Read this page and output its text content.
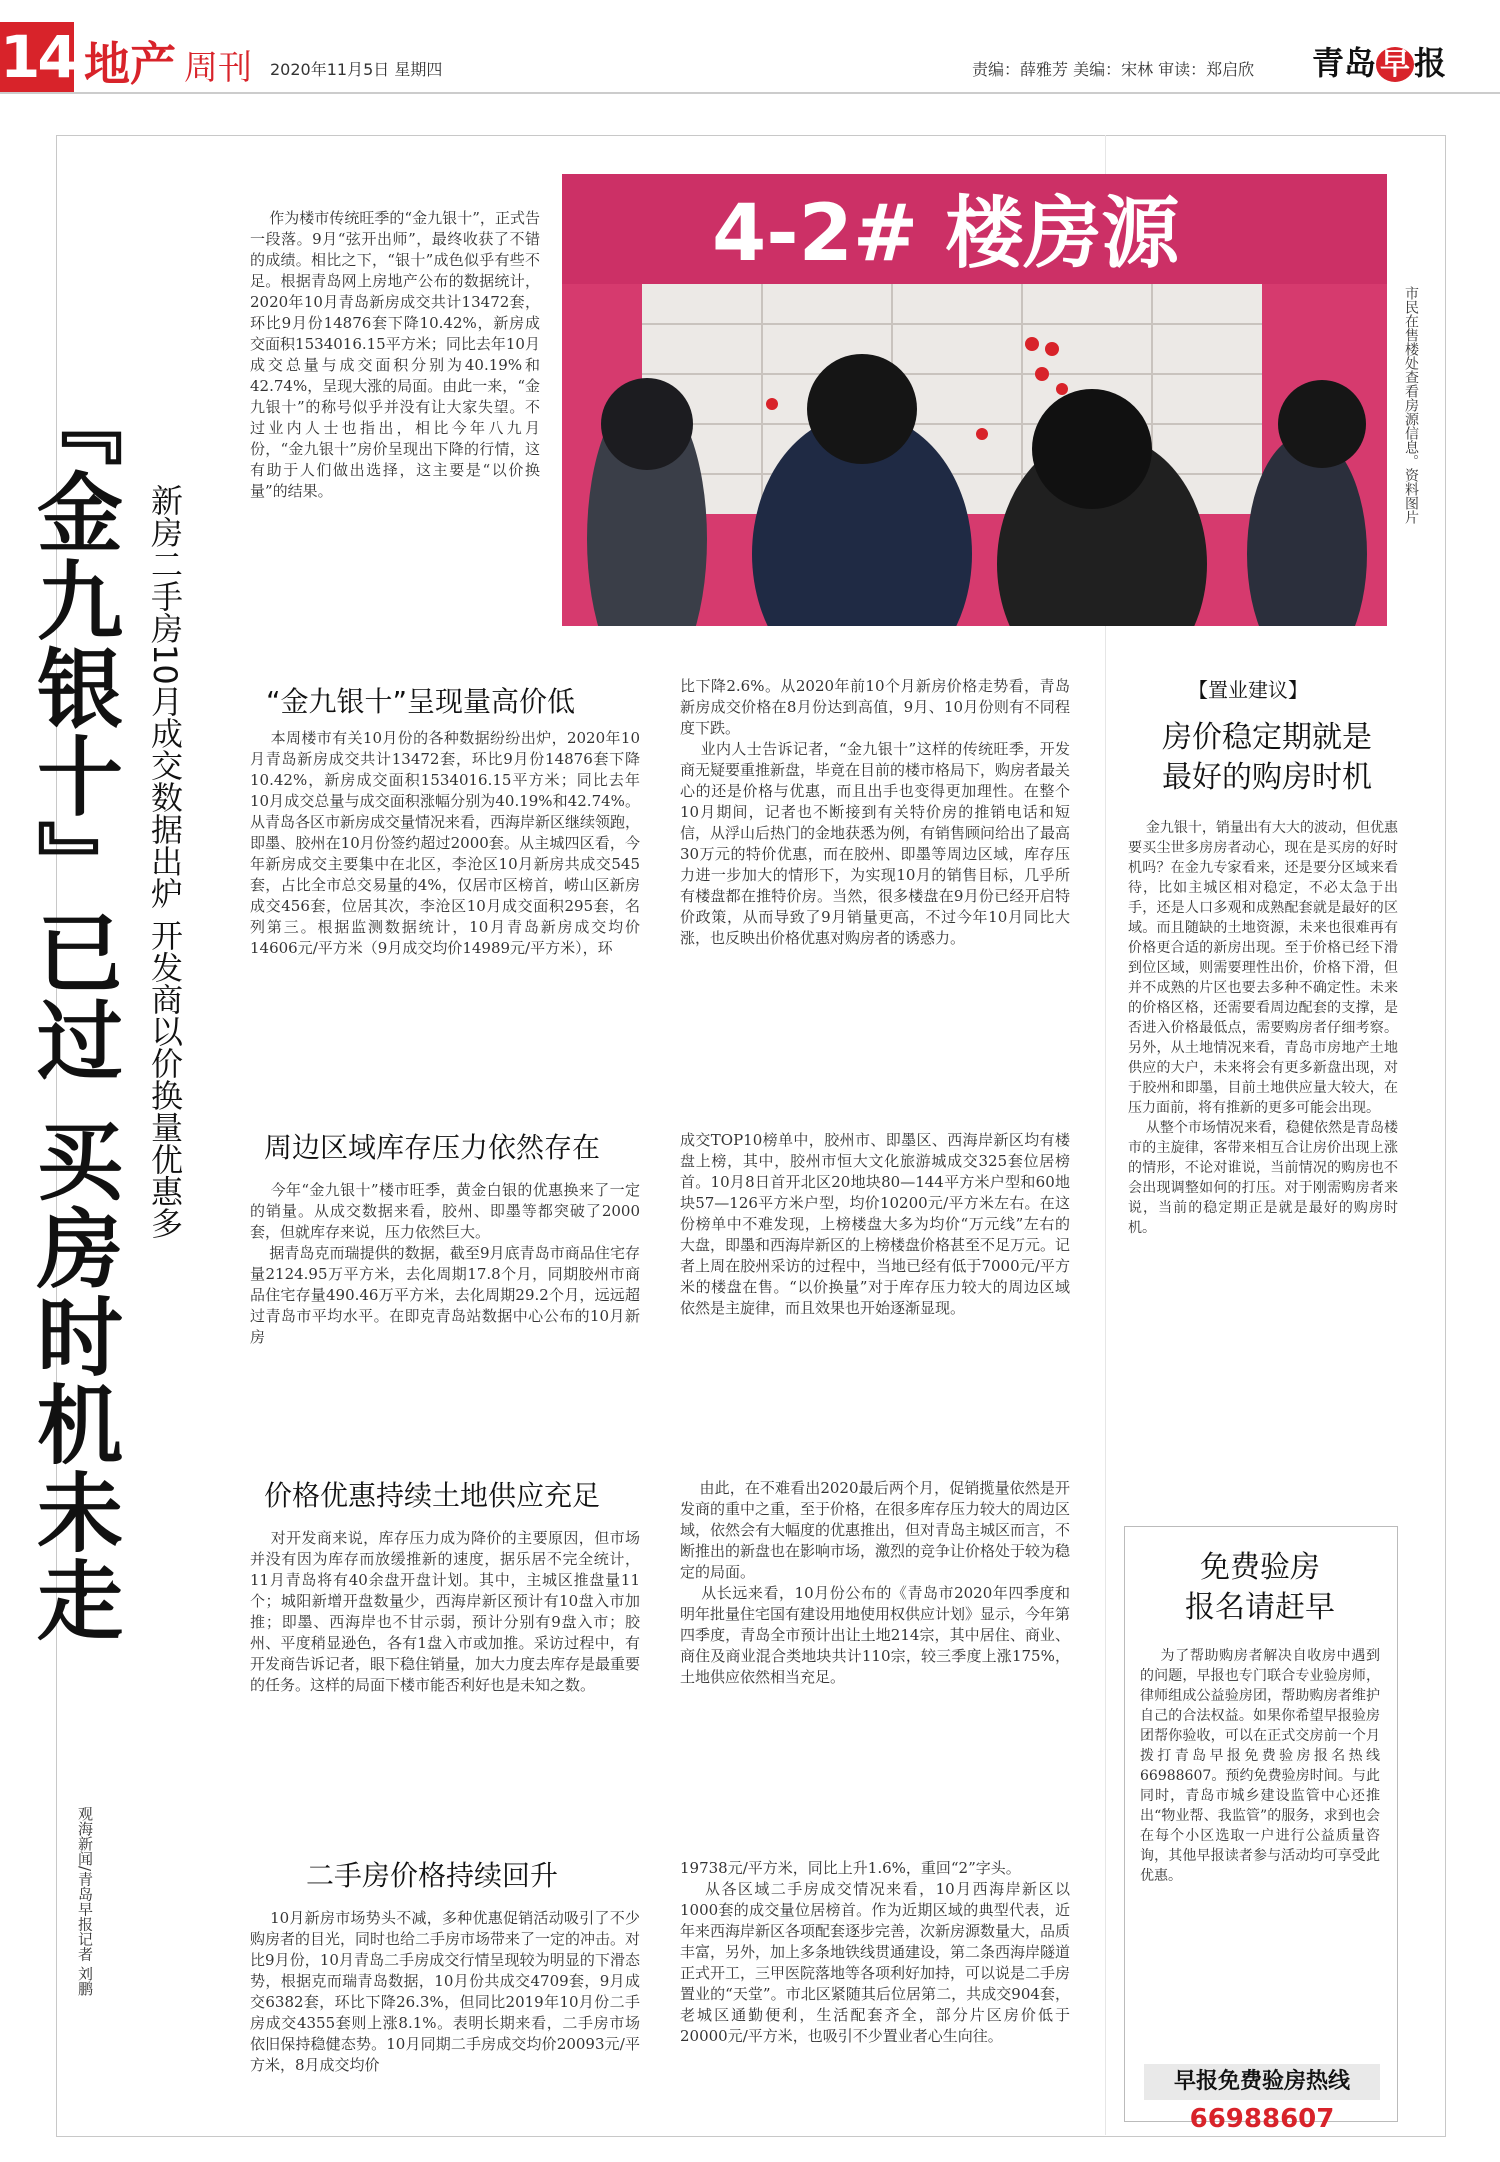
14 地产 周刊 2020年11月5日 星期四	责编：薛雅芳 美编：宋林 审读：郑启欣 青岛 早 报
『金九银十』已过 买房时机未走 新房二手房10月成交数据出炉 开发商以价换量优惠多
观海新闻/青岛早报记者 刘鹏
市民在售楼处查看房源信息。资料图片
作为楼市传统旺季的“金九银十”，正式告一段落。9月“弦开出师”，最终收获了不错的成绩。相比之下，“银十”成色似乎有些不足。根据青岛网上房地产公布的数据统计，2020年10月青岛新房成交共计13472套，环比9月份14876套下降10.42%，新房成交面积1534016.15平方米；同比去年10月成交总量与成交面积分别为40.19%和42.74%，呈现大涨的局面。由此一来，“金九银十”的称号似乎并没有让大家失望。不过业内人士也指出，相比今年八九月份，“金九银十”房价呈现出下降的行情，这有助于人们做出选择，这主要是“以价换量”的结果。
4-2# 楼房源
“金九银十”呈现量高价低
本周楼市有关10月份的各种数据纷纷出炉，2020年10月青岛新房成交共计13472套，环比9月份14876套下降10.42%，新房成交面积1534016.15平方米；同比去年10月成交总量与成交面积涨幅分别为40.19%和42.74%。从青岛各区市新房成交量情况来看，西海岸新区继续领跑，即墨、胶州在10月份签约超过2000套。从主城四区看，今年新房成交主要集中在北区，李沧区10月新房共成交545套，占比全市总交易量的4%，仅居市区榜首，崂山区新房成交456套，位居其次，李沧区10月成交面积295套，名列第三。根据监测数据统计，10月青岛新房成交均价14606元/平方米（9月成交均价14989元/平方米），环
比下降2.6%。从2020年前10个月新房价格走势看，青岛新房成交价格在8月份达到高值，9月、10月份则有不同程度下跌。
业内人士告诉记者，“金九银十”这样的传统旺季，开发商无疑要重推新盘，毕竟在目前的楼市格局下，购房者最关心的还是价格与优惠，而且出手也变得更加理性。在整个10月期间，记者也不断接到有关特价房的推销电话和短信，从浮山后热门的金地获悉为例，有销售顾问给出了最高30万元的特价优惠，而在胶州、即墨等周边区域，库存压力进一步加大的情形下，为实现10月的销售目标，几乎所有楼盘都在推特价房。当然，很多楼盘在9月份已经开启特价政策，从而导致了9月销量更高，不过今年10月同比大涨，也反映出价格优惠对购房者的诱惑力。
周边区域库存压力依然存在
今年“金九银十”楼市旺季，黄金白银的优惠换来了一定的销量。从成交数据来看，胶州、即墨等都突破了2000套，但就库存来说，压力依然巨大。
据青岛克而瑞提供的数据，截至9月底青岛市商品住宅存量2124.95万平方米，去化周期17.8个月，同期胶州市商品住宅存量490.46万平方米，去化周期29.2个月，远远超过青岛市平均水平。在即克青岛站数据中心公布的10月新房
成交TOP10榜单中，胶州市、即墨区、西海岸新区均有楼盘上榜，其中，胶州市恒大文化旅游城成交325套位居榜首。10月8日首开北区20地块80—144平方米户型和60地块57—126平方米户型，均价10200元/平方米左右。在这份榜单中不难发现，上榜楼盘大多为均价“万元线”左右的大盘，即墨和西海岸新区的上榜楼盘价格甚至不足万元。记者上周在胶州采访的过程中，当地已经有低于7000元/平方米的楼盘在售。“以价换量”对于库存压力较大的周边区域依然是主旋律，而且效果也开始逐渐显现。
价格优惠持续土地供应充足
对开发商来说，库存压力成为降价的主要原因，但市场并没有因为库存而放缓推新的速度，据乐居不完全统计，11月青岛将有40余盘开盘计划。其中，主城区推盘量11个；城阳新增开盘数量少，西海岸新区预计有10盘入市加推；即墨、西海岸也不甘示弱，预计分别有9盘入市；胶州、平度稍显逊色，各有1盘入市或加推。采访过程中，有开发商告诉记者，眼下稳住销量，加大力度去库存是最重要的任务。这样的局面下楼市能否利好也是未知之数。
由此，在不难看出2020最后两个月，促销揽量依然是开发商的重中之重，至于价格，在很多库存压力较大的周边区域，依然会有大幅度的优惠推出，但对青岛主城区而言，不断推出的新盘也在影响市场，激烈的竞争让价格处于较为稳定的局面。
从长远来看，10月份公布的《青岛市2020年四季度和明年批量住宅国有建设用地使用权供应计划》显示，今年第四季度，青岛全市预计出让土地214宗，其中居住、商业、商住及商业混合类地块共计110宗，较三季度上涨175%，土地供应依然相当充足。
二手房价格持续回升
10月新房市场势头不减，多种优惠促销活动吸引了不少购房者的目光，同时也给二手房市场带来了一定的冲击。对比9月份，10月青岛二手房成交行情呈现较为明显的下滑态势，根据克而瑞青岛数据，10月份共成交4709套，9月成交6382套，环比下降26.3%，但同比2019年10月份二手房成交4355套则上涨8.1%。表明长期来看，二手房市场依旧保持稳健态势。10月同期二手房成交均价20093元/平方米，8月成交均价
19738元/平方米，同比上升1.6%，重回“2”字头。
从各区域二手房成交情况来看，10月西海岸新区以1000套的成交量位居榜首。作为近期区域的典型代表，近年来西海岸新区各项配套逐步完善，次新房源数量大，品质丰富，另外，加上多条地铁线贯通建设，第二条西海岸隧道正式开工，三甲医院落地等各项利好加持，可以说是二手房置业的“天堂”。市北区紧随其后位居第二，共成交904套，老城区通勤便利，生活配套齐全，部分片区房价低于20000元/平方米，也吸引不少置业者心生向往。
【置业建议】
房价稳定期就是
最好的购房时机
金九银十，销量出有大大的波动，但优惠要买尘世多房房者动心，现在是买房的好时机吗？在金九专家看来，还是要分区域来看待，比如主城区相对稳定，不必太急于出手，还是人口多观和成熟配套就是最好的区域。而且随缺的土地资源，未来也很难再有价格更合适的新房出现。至于价格已经下滑到位区域，则需要理性出价，价格下滑，但并不成熟的片区也要去多种不确定性。未来的价格区格，还需要看周边配套的支撑，是否进入价格最低点，需要购房者仔细考察。另外，从土地情况来看，青岛市房地产土地供应的大户，未来将会有更多新盘出现，对于胶州和即墨，目前土地供应量大较大，在压力面前，将有推新的更多可能会出现。
从整个市场情况来看，稳健依然是青岛楼市的主旋律，客带来相互合让房价出现上涨的情形，不论对谁说，当前情况的购房也不会出现调整如何的打压。对于刚需购房者来说，当前的稳定期正是就是最好的购房时机。
免费验房
报名请赶早
为了帮助购房者解决自收房中遇到的问题，早报也专门联合专业验房师，律师组成公益验房团，帮助购房者维护自己的合法权益。如果你希望早报验房团帮你验收，可以在正式交房前一个月拨打青岛早报免费验房报名热线66988607。预约免费验房时间。与此同时，青岛市城乡建设监管中心还推出“物业帮、我监管”的服务，求到也会在每个小区选取一户进行公益质量咨询，其他早报读者参与活动均可享受此优惠。
早报免费验房热线
66988607
